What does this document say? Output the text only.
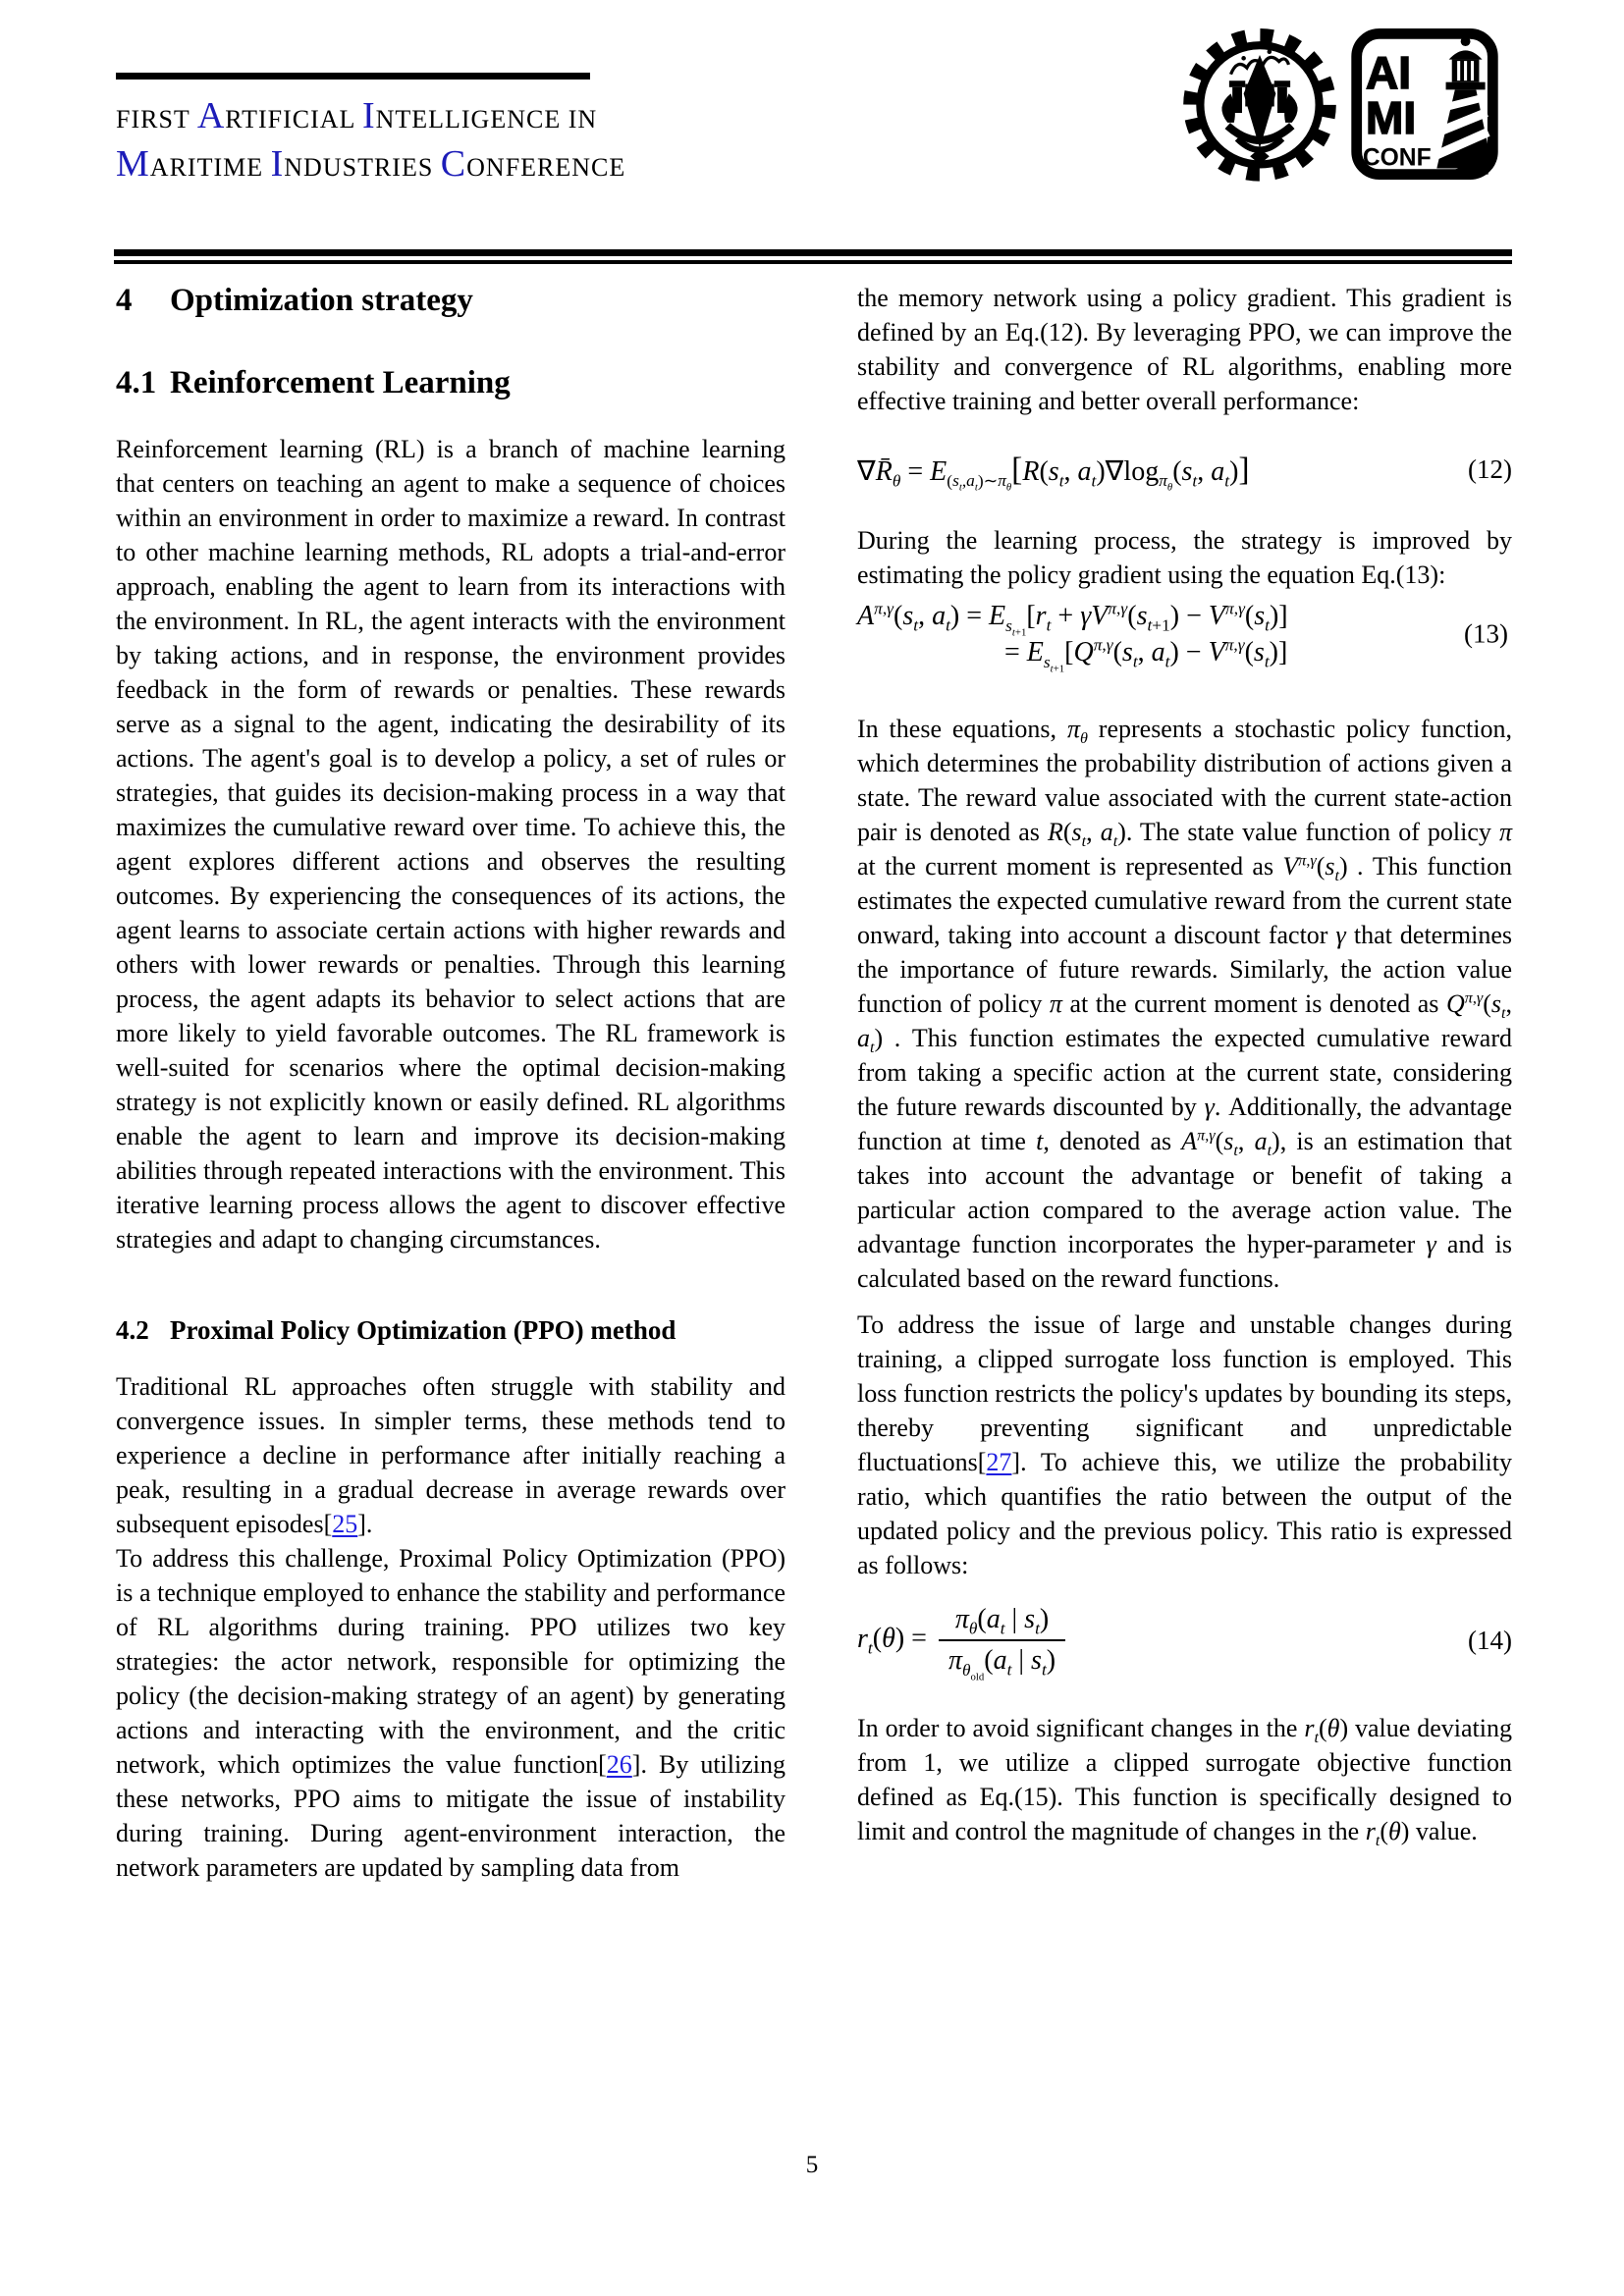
FIRST ARTIFICIAL INTELLIGENCE IN
MARITIME INDUSTRIES CONFERENCE
AI
MI
CONF
4 Optimization strategy
4.1 Reinforcement Learning

Reinforcement learning (RL) is a branch of machine learning that centers on teaching an agent to make a sequence of choices within an environment in order to maximize a reward. In contrast to other machine learning methods, RL adopts a trial-and-error approach, enabling the agent to learn from its interactions with the environment. In RL, the agent interacts with the environment by taking actions, and in response, the environment provides feedback in the form of rewards or penalties. These rewards serve as a signal to the agent, indicating the desirability of its actions. The agent's goal is to develop a policy, a set of rules or strategies, that guides its decision-making process in a way that maximizes the cumulative reward over time. To achieve this, the agent explores different actions and observes the resulting outcomes. By experiencing the consequences of its actions, the agent learns to associate certain actions with higher rewards and others with lower rewards or penalties. Through this learning process, the agent adapts its behavior to select actions that are more likely to yield favorable outcomes. The RL framework is well-suited for scenarios where the optimal decision-making strategy is not explicitly known or easily defined. RL algorithms enable the agent to learn and improve its decision-making abilities through repeated interactions with the environment. This iterative learning process allows the agent to discover effective strategies and adapt to changing circumstances.

4.2 Proximal Policy Optimization (PPO) method

Traditional RL approaches often struggle with stability and convergence issues. In simpler terms, these methods tend to experience a decline in performance after initially reaching a peak, resulting in a gradual decrease in average rewards over subsequent episodes[25].

To address this challenge, Proximal Policy Optimization (PPO) is a technique employed to enhance the stability and performance of RL algorithms during training. PPO utilizes two key strategies: the actor network, responsible for optimizing the policy (the decision-making strategy of an agent) by generating actions and interacting with the environment, and the critic network, which optimizes the value function[26]. By utilizing these networks, PPO aims to mitigate the issue of instability during training. During agent-environment interaction, the network parameters are updated by sampling data from

the memory network using a policy gradient. This gradient is defined by an Eq.(12). By leveraging PPO, we can improve the stability and convergence of RL algorithms, enabling more effective training and better overall performance:

$\nabla R̄_\theta = E_{(s_t,a_t)\sim\pi_\theta}[R(s_t$, $a_t)\nabla\log_{\pi_\theta}(s_t$, $a_t$)]	(12)

During the learning process, the strategy is improved by estimating the policy gradient using the equation Eq.(13):

$A^{\pi,\gamma}(s_t$, $a_t) = E_{s_{t+1}}[r_t + \gamma V^{\pi,\gamma}(s_{t+1}) - V^{\pi,\gamma}(s_t)]$
= $E_{s_{t+1}}[Q^{\pi,\gamma}(s_t$, $a_t) - V^{\pi,\gamma}(s_t)$]
(13)

In these equations, $\pi_\theta$ represents a stochastic policy function, which determines the probability distribution of actions given a state. The reward value associated with the current state-action pair is denoted as $R(s_t$, $a_t$). The state value function of policy π at the current moment is represented as $V^{\pi,\gamma}(s_t)$ . This function estimates the expected cumulative reward from the current state onward, taking into account a discount factor γ that determines the importance of future rewards. Similarly, the action value function of policy π at the current moment is denoted as $Q^{\pi,\gamma}(s_t$, $a_t$) . This function estimates the expected cumulative reward from taking a specific action at the current state, considering the future rewards discounted by γ. Additionally, the advantage function at time t, denoted as $A^{\pi,\gamma}(s_t$, $a_t$), is an estimation that takes into account the advantage or benefit of taking a particular action compared to the average action value. The advantage function incorporates the hyper-parameter γ and is calculated based on the reward functions.

To address the issue of large and unstable changes during training, a clipped surrogate loss function is employed. This loss function restricts the policy's updates by bounding its steps, thereby preventing significant and unpredictable fluctuations[27]. To achieve this, we utilize the probability ratio, which quantifies the ratio between the output of the updated policy and the previous policy. This ratio is expressed as follows:

$r_t(\theta) = \frac{\pi_\theta(a_t | s_t)}{\pi_{\theta_{old}}(a_t | s_t)}$	(14)

In order to avoid significant changes in the $r_t(\theta)$ value deviating from 1, we utilize a clipped surrogate objective function defined as Eq.(15). This function is specifically designed to limit and control the magnitude of changes in the $r_t(\theta)$ value.

5
